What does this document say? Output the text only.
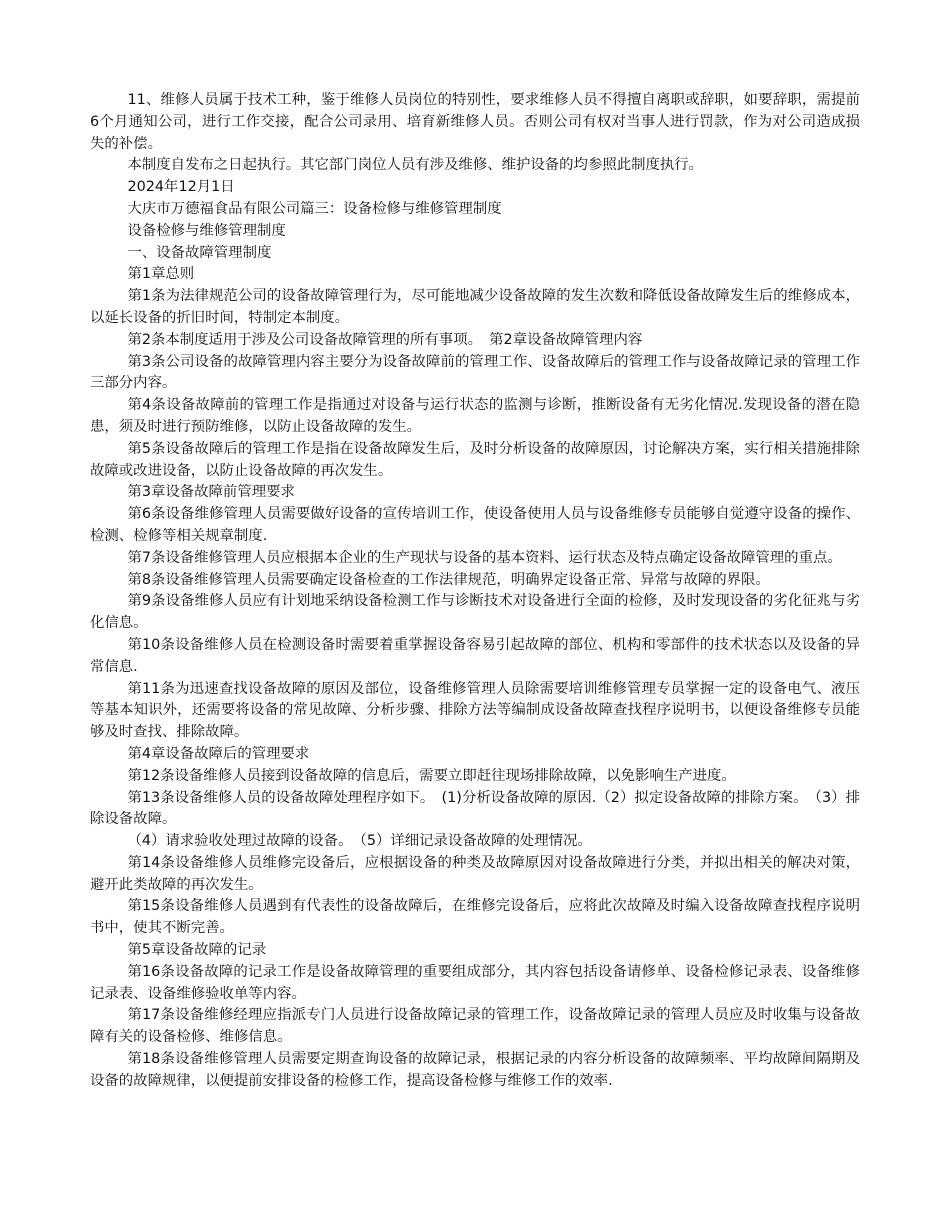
11、维修人员属于技术工种，鉴于维修人员岗位的特别性，要求维修人员不得擅自离职或辞职，如要辞职，需提前6个月通知公司，进行工作交接，配合公司录用、培育新维修人员。否则公司有权对当事人进行罚款，作为对公司造成损失的补偿。

本制度自发布之日起执行。其它部门岗位人员有涉及维修、维护设备的均参照此制度执行。

2024年12月1日

大庆市万德福食品有限公司篇三：设备检修与维修管理制度

设备检修与维修管理制度

一、设备故障管理制度

第1章总则

第1条为法律规范公司的设备故障管理行为，尽可能地减少设备故障的发生次数和降低设备故障发生后的维修成本，以延长设备的折旧时间，特制定本制度。

第2条本制度适用于涉及公司设备故障管理的所有事项。　第2章设备故障管理内容

第3条公司设备的故障管理内容主要分为设备故障前的管理工作、设备故障后的管理工作与设备故障记录的管理工作三部分内容。

第4条设备故障前的管理工作是指通过对设备与运行状态的监测与诊断，推断设备有无劣化情况.发现设备的潜在隐患，须及时进行预防维修，以防止设备故障的发生。

第5条设备故障后的管理工作是指在设备故障发生后，及时分析设备的故障原因，讨论解决方案，实行相关措施排除故障或改进设备，以防止设备故障的再次发生。

第3章设备故障前管理要求

第6条设备维修管理人员需要做好设备的宣传培训工作，使设备使用人员与设备维修专员能够自觉遵守设备的操作、检测、检修等相关规章制度.

第7条设备维修管理人员应根据本企业的生产现状与设备的基本资料、运行状态及特点确定设备故障管理的重点。

第8条设备维修管理人员需要确定设备检查的工作法律规范，明确界定设备正常、异常与故障的界限。

第9条设备维修人员应有计划地采纳设备检测工作与诊断技术对设备进行全面的检修，及时发现设备的劣化征兆与劣化信息。

第10条设备维修人员在检测设备时需要着重掌握设备容易引起故障的部位、机构和零部件的技术状态以及设备的异常信息.

第11条为迅速查找设备故障的原因及部位，设备维修管理人员除需要培训维修管理专员掌握一定的设备电气、液压等基本知识外，还需要将设备的常见故障、分析步骤、排除方法等编制成设备故障查找程序说明书，以便设备维修专员能够及时查找、排除故障。

第4章设备故障后的管理要求

第12条设备维修人员接到设备故障的信息后，需要立即赶往现场排除故障，以免影响生产进度。

第13条设备维修人员的设备故障处理程序如下。　(1)分析设备故障的原因.（2）拟定设备故障的排除方案。　（3）排除设备故障。

（4）请求验收处理过故障的设备。　（5）详细记录设备故障的处理情况。

第14条设备维修人员维修完设备后，应根据设备的种类及故障原因对设备故障进行分类，并拟出相关的解决对策，避开此类故障的再次发生。

第15条设备维修人员遇到有代表性的设备故障后，在维修完设备后，应将此次故障及时编入设备故障查找程序说明书中，使其不断完善。

第5章设备故障的记录

第16条设备故障的记录工作是设备故障管理的重要组成部分，其内容包括设备请修单、设备检修记录表、设备维修记录表、设备维修验收单等内容。

第17条设备维修经理应指派专门人员进行设备故障记录的管理工作，设备故障记录的管理人员应及时收集与设备故障有关的设备检修、维修信息。

第18条设备维修管理人员需要定期查询设备的故障记录，根据记录的内容分析设备的故障频率、平均故障间隔期及设备的故障规律，以便提前安排设备的检修工作，提高设备检修与维修工作的效率.
